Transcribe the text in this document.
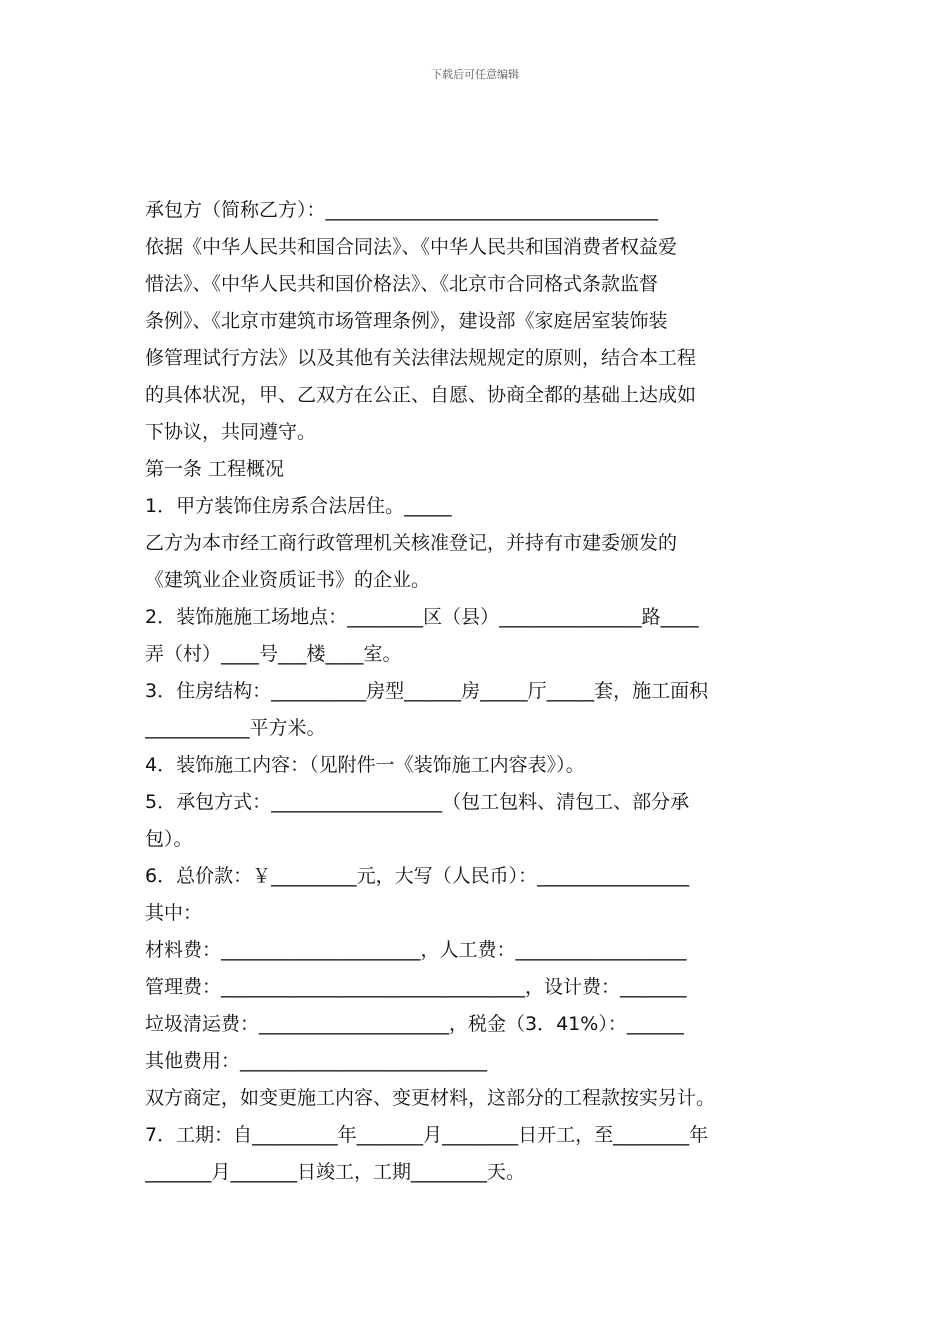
下载后可任意编辑
承包方（简称乙方）：___________________________________
依据《中华人民共和国合同法》、《中华人民共和国消费者权益爱
惜法》、《中华人民共和国价格法》、《北京市合同格式条款监督
条例》、《北京市建筑市场管理条例》，建设部《家庭居室装饰装
修管理试行方法》以及其他有关法律法规规定的原则，结合本工程
的具体状况，甲、乙双方在公正、自愿、协商全都的基础上达成如
下协议，共同遵守。
第一条 工程概况
1．甲方装饰住房系合法居住。_____
乙方为本市经工商行政管理机关核准登记，并持有市建委颁发的
《建筑业企业资质证书》的企业。
2．装饰施施工场地点：________区（县）_______________路____
弄（村）____号___楼____室。
3．住房结构：__________房型______房_____厅_____套，施工面积
___________平方米。
4．装饰施工内容：（见附件一《装饰施工内容表》）。
5．承包方式：__________________（包工包料、清包工、部分承
包）。
6．总价款：￥_________元，大写（人民币）：________________
其中：
材料费：_____________________，人工费：__________________
管理费：________________________________，设计费：_______
垃圾清运费：____________________，税金（3．41%）：______
其他费用：__________________________
双方商定，如变更施工内容、变更材料，这部分的工程款按实另计。
7．工期：自_________年_______月________日开工，至________年
_______月_______日竣工，工期________天。
